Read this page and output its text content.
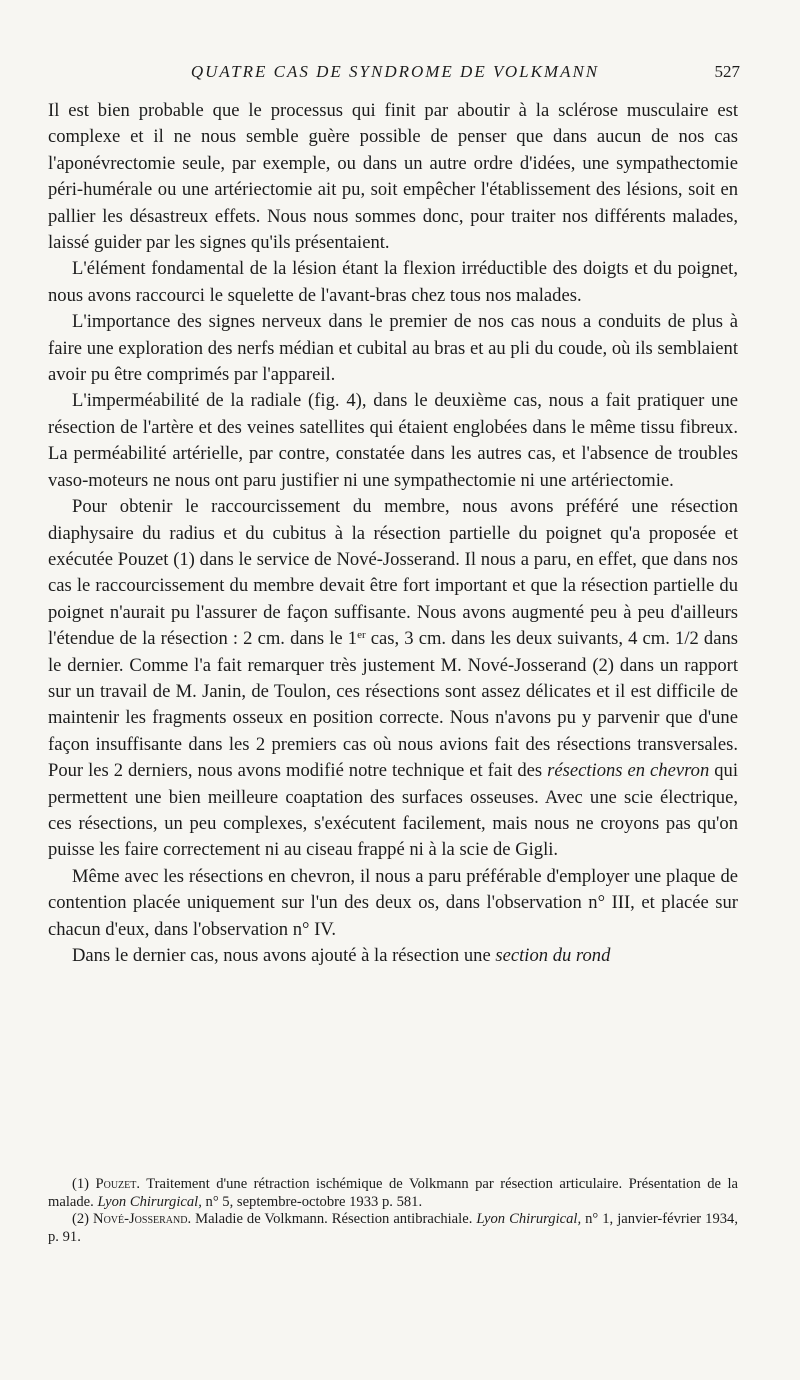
QUATRE CAS DE SYNDROME DE VOLKMANN	527

Il est bien probable que le processus qui finit par aboutir à la sclérose musculaire est complexe et il ne nous semble guère possible de penser que dans aucun de nos cas l'aponévrectomie seule, par exemple, ou dans un autre ordre d'idées, une sympathectomie péri-humérale ou une artériectomie ait pu, soit empêcher l'établissement des lésions, soit en pallier les désastreux effets. Nous nous sommes donc, pour traiter nos différents malades, laissé guider par les signes qu'ils présentaient.

L'élément fondamental de la lésion étant la flexion irréductible des doigts et du poignet, nous avons raccourci le squelette de l'avant-bras chez tous nos malades.

L'importance des signes nerveux dans le premier de nos cas nous a conduits de plus à faire une exploration des nerfs médian et cubital au bras et au pli du coude, où ils semblaient avoir pu être comprimés par l'appareil.

L'imperméabilité de la radiale (fig. 4), dans le deuxième cas, nous a fait pratiquer une résection de l'artère et des veines satellites qui étaient englobées dans le même tissu fibreux. La perméabilité artérielle, par contre, constatée dans les autres cas, et l'absence de troubles vaso-moteurs ne nous ont paru justifier ni une sympathectomie ni une artériectomie.

Pour obtenir le raccourcissement du membre, nous avons préféré une résection diaphysaire du radius et du cubitus à la résection partielle du poignet qu'a proposée et exécutée Pouzet (1) dans le service de Nové-Josserand. Il nous a paru, en effet, que dans nos cas le raccourcissement du membre devait être fort important et que la résection partielle du poignet n'aurait pu l'assurer de façon suffisante. Nous avons augmenté peu à peu d'ailleurs l'étendue de la résection : 2 cm. dans le 1er cas, 3 cm. dans les deux suivants, 4 cm. 1/2 dans le dernier. Comme l'a fait remarquer très justement M. Nové-Josserand (2) dans un rapport sur un travail de M. Janin, de Toulon, ces résections sont assez délicates et il est difficile de maintenir les fragments osseux en position correcte. Nous n'avons pu y parvenir que d'une façon insuffisante dans les 2 premiers cas où nous avions fait des résections transversales. Pour les 2 derniers, nous avons modifié notre technique et fait des résections en chevron qui permettent une bien meilleure coaptation des surfaces osseuses. Avec une scie électrique, ces résections, un peu complexes, s'exécutent facilement, mais nous ne croyons pas qu'on puisse les faire correctement ni au ciseau frappé ni à la scie de Gigli.

Même avec les résections en chevron, il nous a paru préférable d'employer une plaque de contention placée uniquement sur l'un des deux os, dans l'observation n° III, et placée sur chacun d'eux, dans l'observation n° IV.

Dans le dernier cas, nous avons ajouté à la résection une section du rond

(1) Pouzet. Traitement d'une rétraction ischémique de Volkmann par résection articulaire. Présentation de la malade. Lyon Chirurgical, n° 5, septembre-octobre 1933 p. 581.

(2) Nové-Josserand. Maladie de Volkmann. Résection antibrachiale. Lyon Chirurgical, n° 1, janvier-février 1934, p. 91.
